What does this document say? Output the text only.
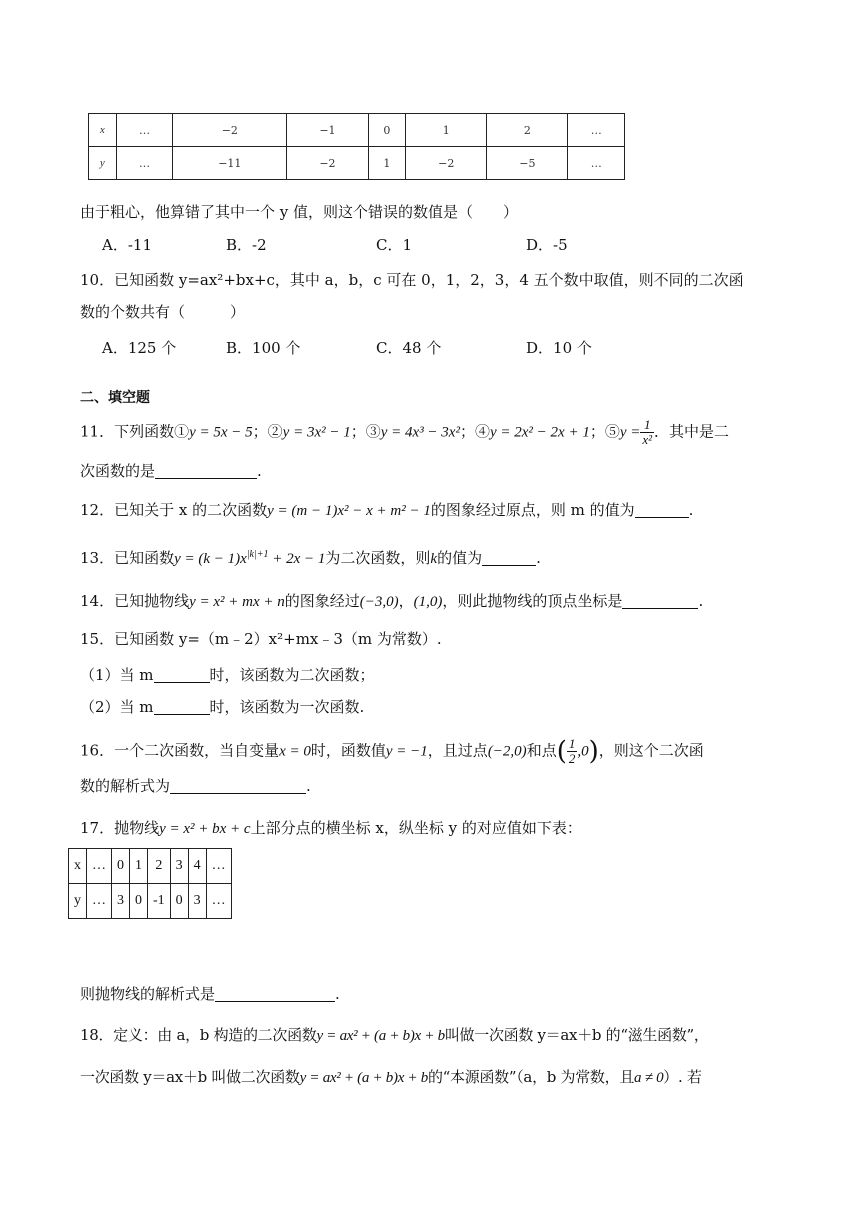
x	…	−2	−1	0	1	2	…
y	…	−11	−2	1	−2	−5	…
由于粗心，他算错了其中一个 y 值，则这个错误的数值是（　　）
A．-11	B．-2	C．1	D．-5
10．已知函数 y=ax²+bx+c，其中 a，b，c 可在 0，1，2，3，4 五个数中取值，则不同的二次函
数的个数共有（　　　）
A．125 个	B．100 个	C．48 个	D．10 个
二、填空题
11．下列函数①y = 5x − 5；②y = 3x² − 1；③y = 4x³ − 3x²；④y = 2x² − 2x + 1；⑤y = $\frac{1}{\text{x²}}$ ．其中是二
次函数的是	.
12．已知关于 x 的二次函数y = (m − 1)x² − x + m² − 1的图象经过原点，则 m 的值为	.
13．已知函数$y = (k - 1)x^{|k|+1} + 2x - 1$为二次函数，则k的值为	.
14．已知抛物线y = x² + mx + n的图象经过(−3,0)，(1,0)，则此抛物线的顶点坐标是	.
15．已知函数 y=（m﹣2）x²+mx﹣3（m 为常数）.
（1）当 m	时，该函数为二次函数；
（2）当 m	时，该函数为一次函数.
16．一个二次函数，当自变量x = 0时，函数值y = −1，且过点(−2,0)和点( $\frac{1}{2} ,0$)，则这个二次函
数的解析式为	.
17．抛物线y = x² + bx + c上部分点的横坐标 x，纵坐标 y 的对应值如下表：
x	…	0	1	2	3	4	…
y	…	3	0	-1	0	3	…
则抛物线的解析式是	.
18．定义：由 a，b 构造的二次函数y = ax² + (a + b)x + b叫做一次函数 y＝ax＋b 的“滋生函数”，
一次函数 y＝ax＋b 叫做二次函数y = ax² + (a + b)x + b的“本源函数”（a，b 为常数，且a ≠ 0）. 若
